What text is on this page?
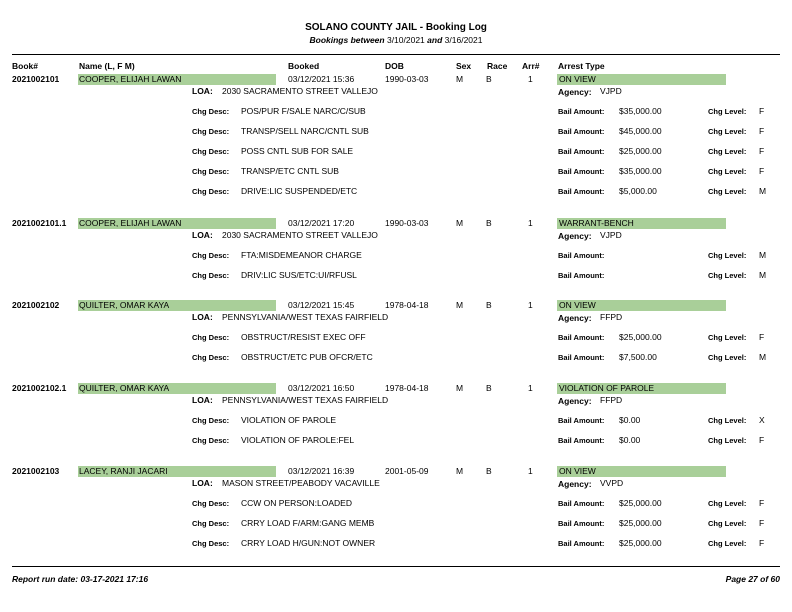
SOLANO COUNTY JAIL - Booking Log
Bookings between 3/10/2021 and 3/16/2021
Book#	Name (L, F M)	Booked	DOB	Sex Race Arr# Arrest Type
2021002101 COOPER, ELIJAH LAWAN	03/12/2021 15:36	1990-03-03	M	B	1	ON VIEW
LOA: 2030 SACRAMENTO STREET VALLEJO	Agency: VJPD
Chg Desc: POS/PUR F/SALE NARC/C/SUB	Bail Amount: $35,000.00	Chg Level: F
Chg Desc: TRANSP/SELL NARC/CNTL SUB	Bail Amount: $45,000.00	Chg Level: F
Chg Desc: POSS CNTL SUB FOR SALE	Bail Amount: $25,000.00	Chg Level: F
Chg Desc: TRANSP/ETC CNTL SUB	Bail Amount: $35,000.00	Chg Level: F
Chg Desc: DRIVE:LIC SUSPENDED/ETC	Bail Amount: $5,000.00	Chg Level: M
2021002101.1 COOPER, ELIJAH LAWAN	03/12/2021 17:20	1990-03-03	M	B	1	WARRANT-BENCH
LOA: 2030 SACRAMENTO STREET VALLEJO	Agency: VJPD
Chg Desc: FTA:MISDEMEANOR CHARGE	Bail Amount:	Chg Level: M
Chg Desc: DRIV:LIC SUS/ETC:UI/RFUSL	Bail Amount:	Chg Level: M
2021002102 QUILTER, OMAR KAYA	03/12/2021 15:45	1978-04-18	M	B	1	ON VIEW
LOA: PENNSYLVANIA/WEST TEXAS FAIRFIELD	Agency: FFPD
Chg Desc: OBSTRUCT/RESIST EXEC OFF	Bail Amount: $25,000.00	Chg Level: F
Chg Desc: OBSTRUCT/ETC PUB OFCR/ETC	Bail Amount: $7,500.00	Chg Level: M
2021002102.1 QUILTER, OMAR KAYA	03/12/2021 16:50	1978-04-18	M	B	1	VIOLATION OF PAROLE
LOA: PENNSYLVANIA/WEST TEXAS FAIRFIELD	Agency: FFPD
Chg Desc: VIOLATION OF PAROLE	Bail Amount: $0.00	Chg Level: X
Chg Desc: VIOLATION OF PAROLE:FEL	Bail Amount: $0.00	Chg Level: F
2021002103 LACEY, RANJI JACARI	03/12/2021 16:39	2001-05-09	M	B	1	ON VIEW
LOA: MASON STREET/PEABODY VACAVILLE	Agency: VVPD
Chg Desc: CCW ON PERSON:LOADED	Bail Amount: $25,000.00	Chg Level: F
Chg Desc: CRRY LOAD F/ARM:GANG MEMB	Bail Amount: $25,000.00	Chg Level: F
Chg Desc: CRRY LOAD H/GUN:NOT OWNER	Bail Amount: $25,000.00	Chg Level: F
Report run date: 03-17-2021 17:16	Page 27 of 60
